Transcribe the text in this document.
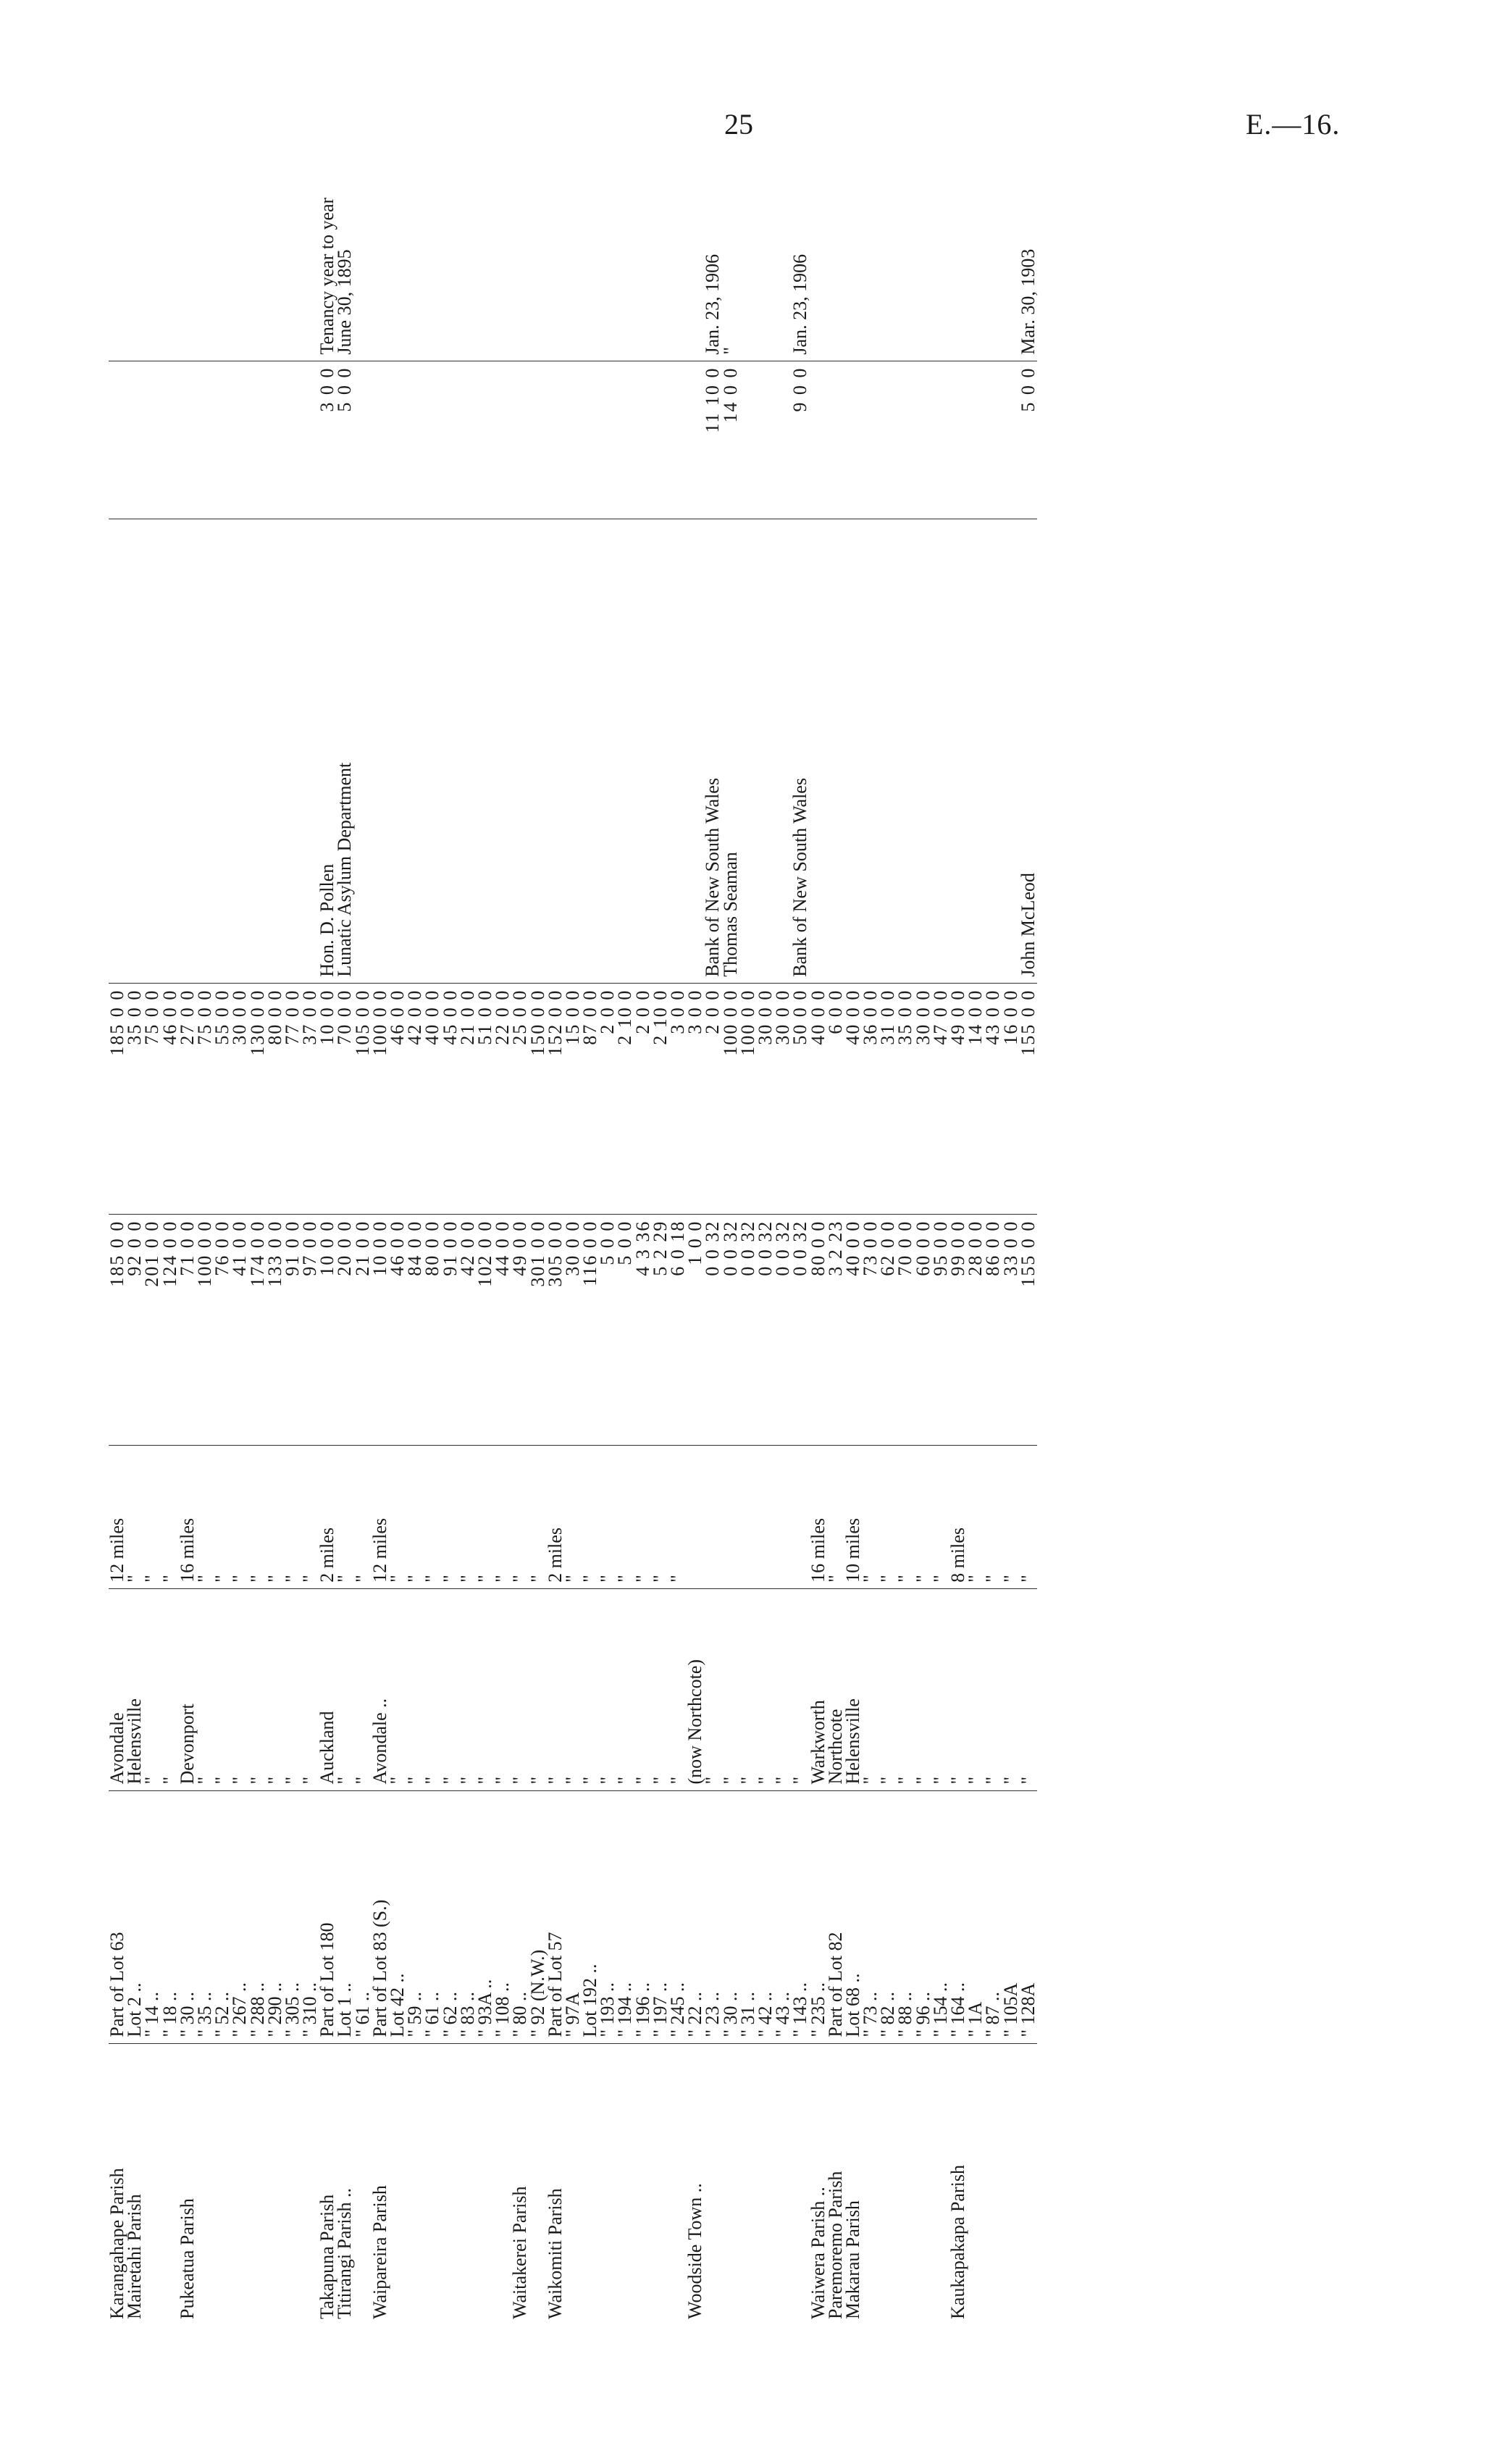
25	E.—16.
Karangahape Parish	Part of Lot 63	Avondale	12 miles	185 0 0	185 0 0			
Mairetahi Parish	Lot 2 ..	Helensville	"	92 0 0	35 0 0			
	" 14 ..	"	"	201 0 0	75 0 0			
	" 18 ..	"	"	124 0 0	46 0 0			
Pukeatua Parish	" 30 ..	Devonport	16 miles	71 0 0	27 0 0			
	" 35 ..	"	"	100 0 0	75 0 0			
	" 52 ..	"	"	76 0 0	55 0 0			
	" 267 ..	"	"	41 0 0	30 0 0			
	" 288 ..	"	"	174 0 0	130 0 0			
	" 290 ..	"	"	133 0 0	80 0 0			
	" 305 ..	"	"	91 0 0	77 0 0			
	" 310 ..	"	"	97 0 0	37 0 0			
Takapuna Parish	Part of Lot 180	Auckland	2 miles	10 0 0	10 0 0	Hon. D. Pollen	3 0 0	Tenancy year to year
Titirangi Parish ..	Lot 1 ..	"	"	20 0 0	70 0 0	Lunatic Asylum Department	5 0 0	June 30, 1895
	" 61 ..	"	"	21 0 0	105 0 0			
Waipareira Parish	Part of Lot 83 (S.)	Avondale ..	12 miles	10 0 0	100 0 0			
	Lot 42 ..	"	"	46 0 0	46 0 0			
	" 59 ..	"	"	84 0 0	42 0 0			
	" 61 ..	"	"	80 0 0	40 0 0			
	" 62 ..	"	"	91 0 0	45 0 0			
	" 83 ..	"	"	42 0 0	21 0 0			
	" 93A ..	"	"	102 0 0	51 0 0			
	" 108 ..	"	"	44 0 0	22 0 0			
Waitakerei Parish	" 80 ..	"	"	49 0 0	25 0 0			
	" 92 (N.W.)	"	"	301 0 0	150 0 0			
Waikomiti Parish	Part of Lot 57	"	2 miles	305 0 0	152 0 0			
	" 97A	"	"	30 0 0	15 0 0			
	Lot 192 ..	"	"	116 0 0	87 0 0			
	" 193 ..	"	"	5 0 0	2 0 0			
	" 194 ..	"	"	5 0 0	2 10 0			
	" 196 ..	"	"	4 3 36	2 0 0			
	" 197 ..	"	"	5 2 29	2 10 0			
	" 245 ..	"	"	6 0 18	3 0 0			
Woodside Town ..	" 22 ..	(now Northcote)		1 0 0	3 0 0			
	" 23 ..	"		0 0 32	2 0 0	Bank of New South Wales	11 10 0	Jan. 23, 1906
	" 30 ..	"		0 0 32	100 0 0	Thomas Seaman	14 0 0	"
	" 31 ..	"		0 0 32	100 0 0			
	" 42 ..	"		0 0 32	30 0 0			
	" 43 ..	"		0 0 32	30 0 0			
	" 143 ..	"		0 0 32	50 0 0	Bank of New South Wales	9 0 0	Jan. 23, 1906
Waiwera Parish ..	" 235 ..	Warkworth	16 miles	80 0 0	40 0 0			
Paremoremo Parish	Part of Lot 82	Northcote	"	3 2 23	6 0 0			
Makarau Parish	Lot 68 ..	Helensville	10 miles	40 0 0	40 0 0			
	" 73 ..	"	"	73 0 0	36 0 0			
	" 82 ..	"	"	62 0 0	31 0 0			
	" 88 ..	"	"	70 0 0	35 0 0			
	" 96 ..	"	"	60 0 0	30 0 0			
	" 154 ..	"	"	95 0 0	47 0 0			
Kaukapakapa Parish	" 164 ..	"	8 miles	99 0 0	49 0 0			
	" 1A	"	"	28 0 0	14 0 0			
	" 87 ..	"	"	86 0 0	43 0 0			
	" 105A	"	"	33 0 0	16 0 0			
	" 128A	"	"	155 0 0	155 0 0	John McLeod	5 0 0	Mar. 30, 1903
